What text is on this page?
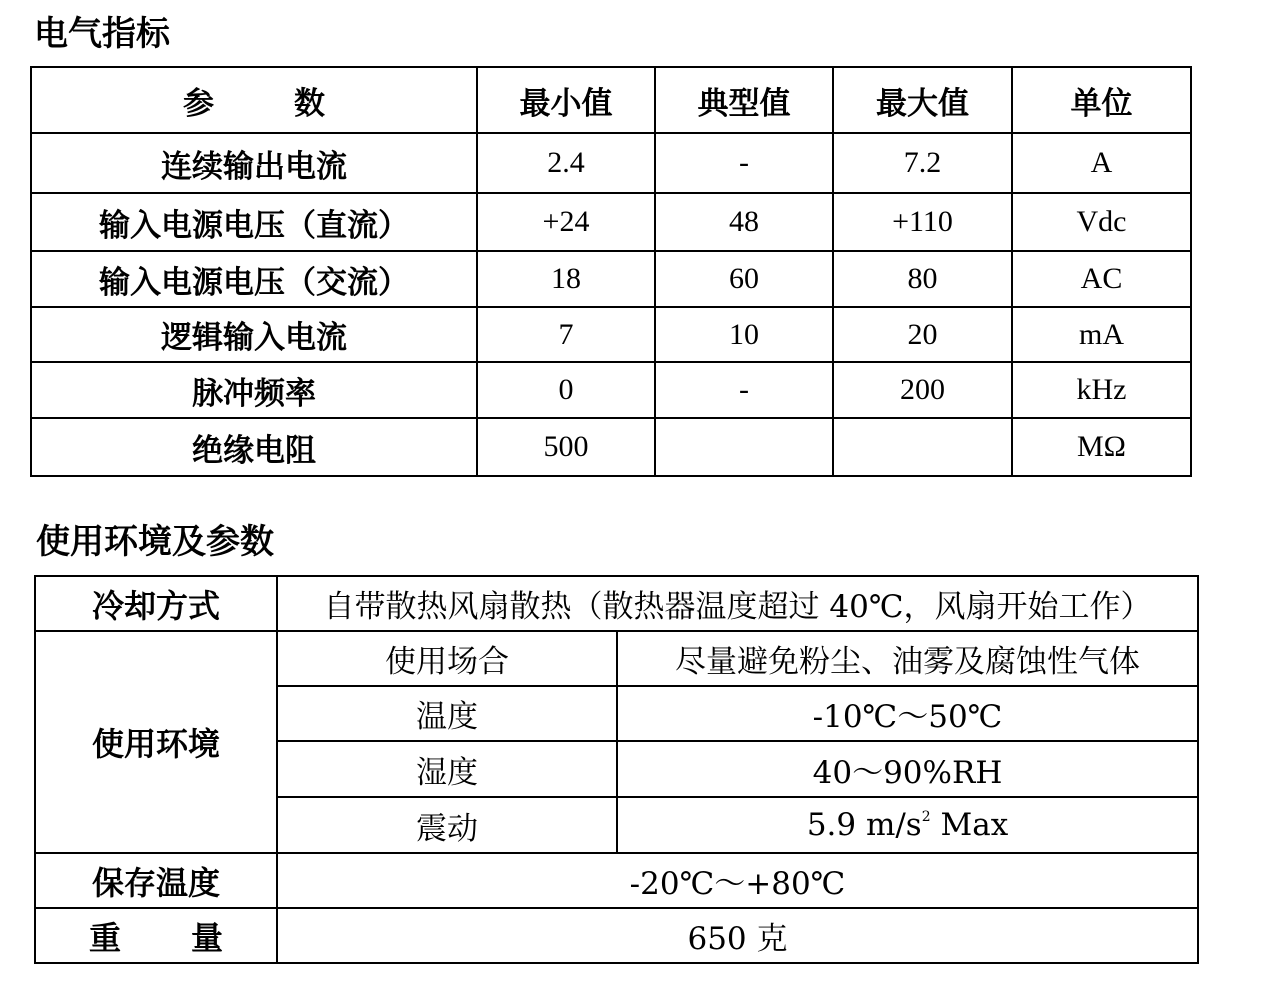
电气指标
参 数	最小值	典型值	最大值	单位
连续输出电流	2.4	-	7.2	A
输入电源电压（直流）	+24	48	+110	Vdc
输入电源电压（交流）	18	60	80	AC
逻辑输入电流	7	10	20	mA
脉冲频率	0	-	200	kHz
绝缘电阻	500			MΩ
使用环境及参数
冷却方式	自带散热风扇散热（散热器温度超过 40℃，风扇开始工作）	
使用环境	使用场合	尽量避免粉尘、油雾及腐蚀性气体
	温度	-10℃～50℃
	湿度	40～90%RH
	震动	5.9 $m/s^2$ Max
保存温度	-20℃～+80℃	
重 量	650 克	
